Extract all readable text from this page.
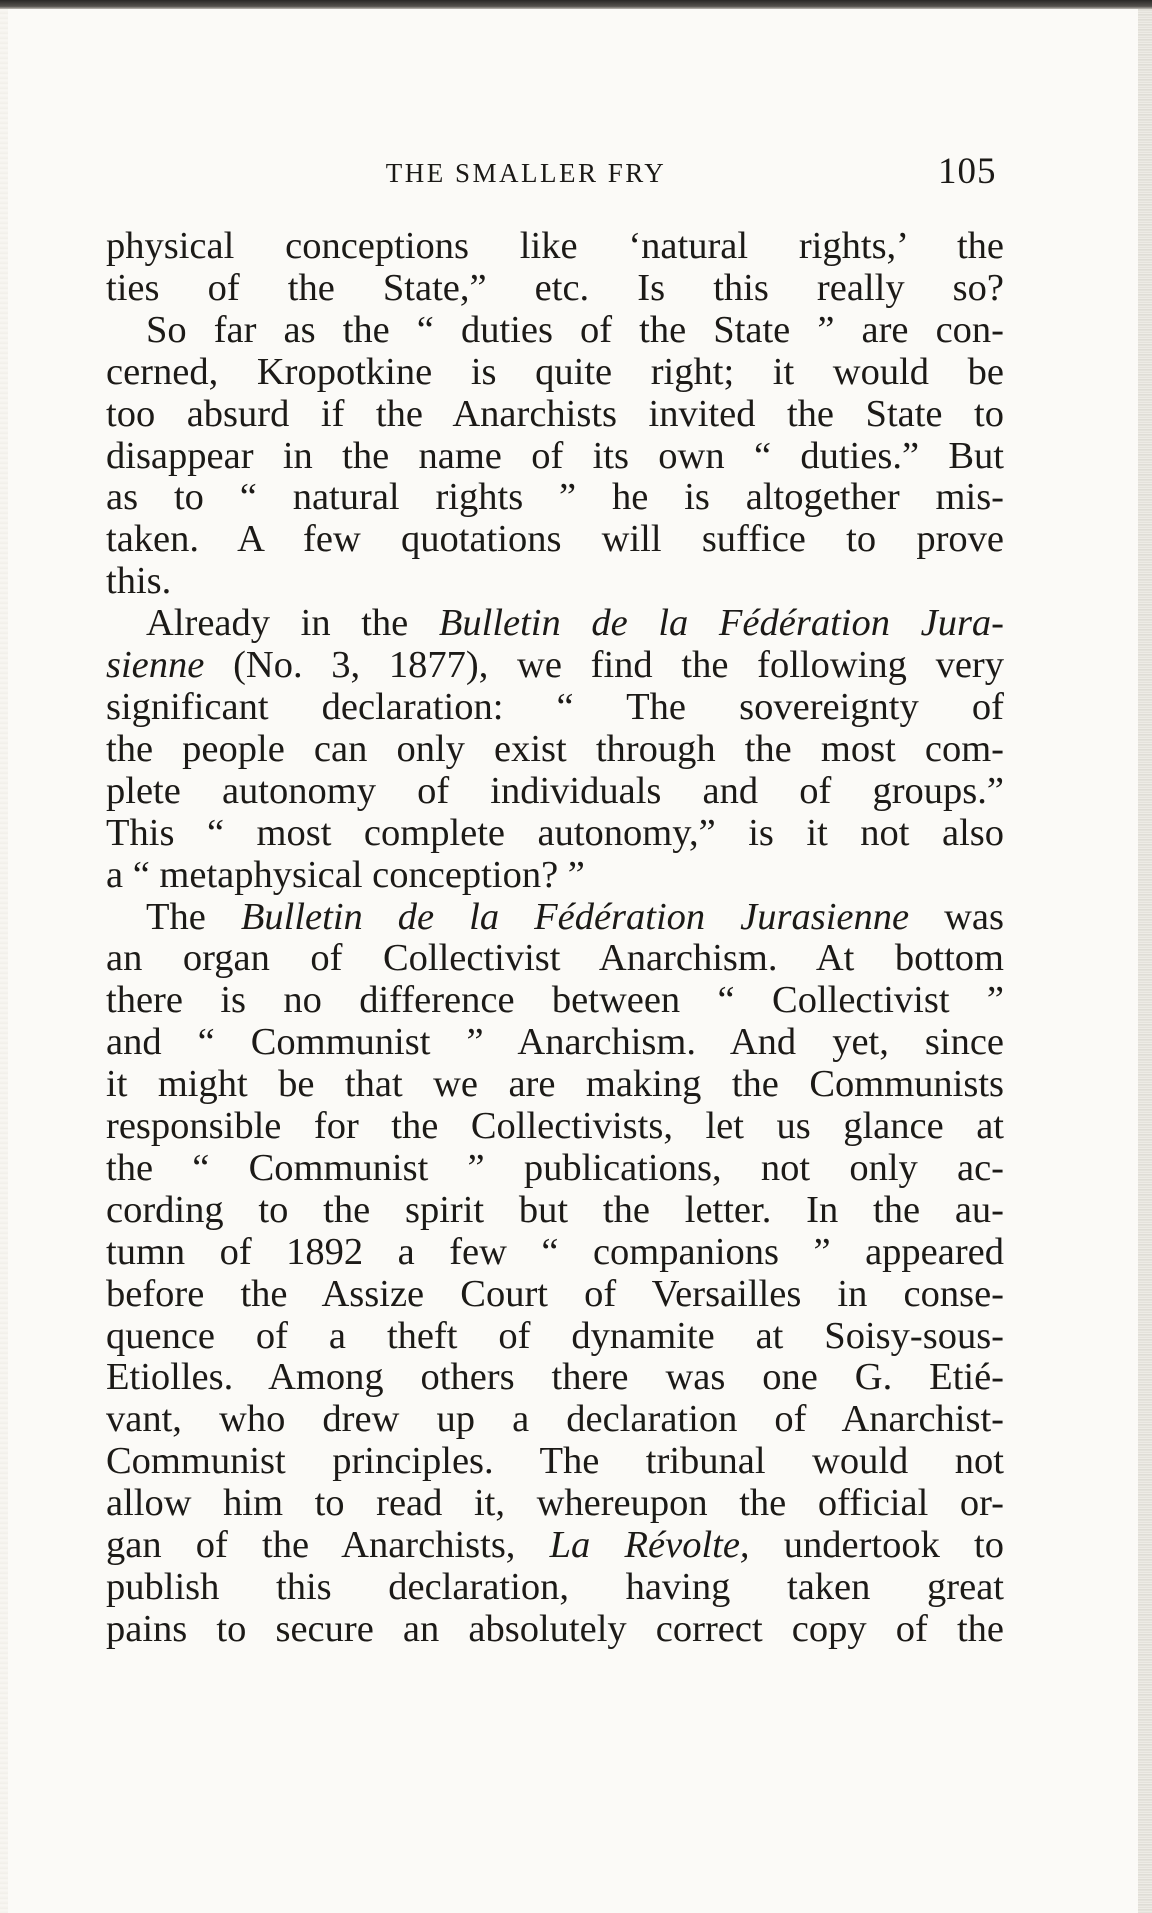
THE SMALLER FRY	105
physical conceptions like ‘natural rights,’ the
ties of the State,” etc. Is this really so?
So far as the “ duties of the State ” are con-
cerned, Kropotkine is quite right; it would be
too absurd if the Anarchists invited the State to
disappear in the name of its own “ duties.” But
as to “ natural rights ” he is altogether mis-
taken. A few quotations will suffice to prove
this.
Already in the Bulletin de la Fédération Jura-
sienne (No. 3, 1877), we find the following very
significant declaration: “ The sovereignty of
the people can only exist through the most com-
plete autonomy of individuals and of groups.”
This “ most complete autonomy,” is it not also
a “ metaphysical conception? ”
The Bulletin de la Fédération Jurasienne was
an organ of Collectivist Anarchism. At bottom
there is no difference between “ Collectivist ”
and “ Communist ” Anarchism. And yet, since
it might be that we are making the Communists
responsible for the Collectivists, let us glance at
the “ Communist ” publications, not only ac-
cording to the spirit but the letter. In the au-
tumn of 1892 a few “ companions ” appeared
before the Assize Court of Versailles in conse-
quence of a theft of dynamite at Soisy-sous-
Etiolles. Among others there was one G. Etié-
vant, who drew up a declaration of Anarchist-
Communist principles. The tribunal would not
allow him to read it, whereupon the official or-
gan of the Anarchists, La Révolte, undertook to
publish this declaration, having taken great
pains to secure an absolutely correct copy of the
